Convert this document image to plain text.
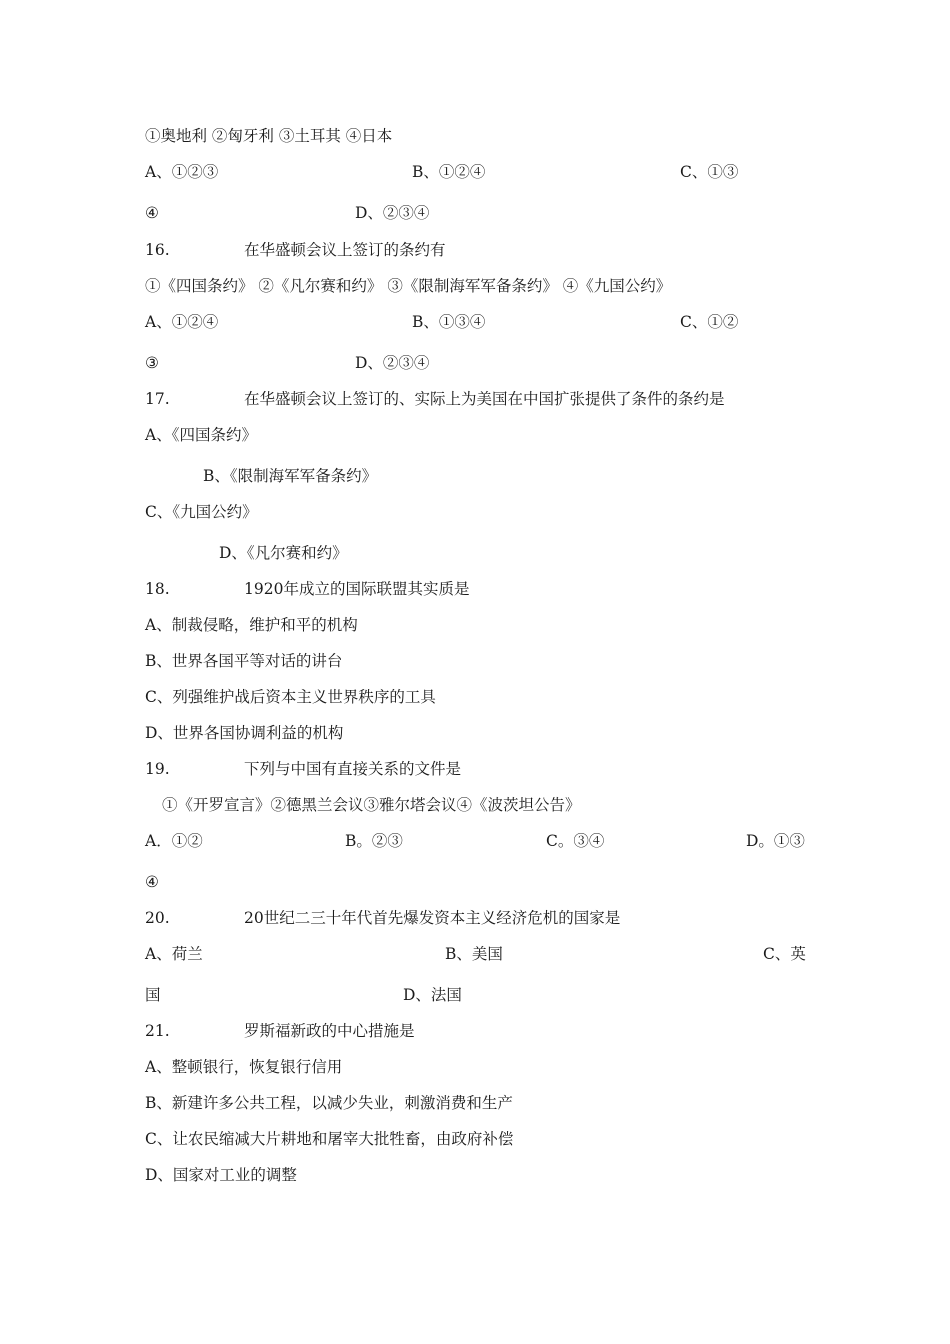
①奥地利 ②匈牙利 ③土耳其 ④日本
A、①②③	B、①②④	C、①③
④	D、②③④
16.	在华盛顿会议上签订的条约有
①《四国条约》 ②《凡尔赛和约》 ③《限制海军军备条约》 ④《九国公约》
A、①②④	B、①③④	C、①②
③	D、②③④
17.	在华盛顿会议上签订的、实际上为美国在中国扩张提供了条件的条约是
A、《四国条约》
B、《限制海军军备条约》
C、《九国公约》
D、《凡尔赛和约》
18.	1920年成立的国际联盟其实质是
A、制裁侵略，维护和平的机构
B、世界各国平等对话的讲台
C、列强维护战后资本主义世界秩序的工具
D、世界各国协调利益的机构
19.	下列与中国有直接关系的文件是
①《开罗宣言》②德黑兰会议③雅尔塔会议④《波茨坦公告》
A．①②	B。②③	C。③④	D。①③
④
20.	20世纪二三十年代首先爆发资本主义经济危机的国家是
A、荷兰	B、美国	C、英
国	D、法国
21.	罗斯福新政的中心措施是
A、整顿银行，恢复银行信用
B、新建许多公共工程，以减少失业，刺激消费和生产
C、让农民缩减大片耕地和屠宰大批牲畜，由政府补偿
D、国家对工业的调整
